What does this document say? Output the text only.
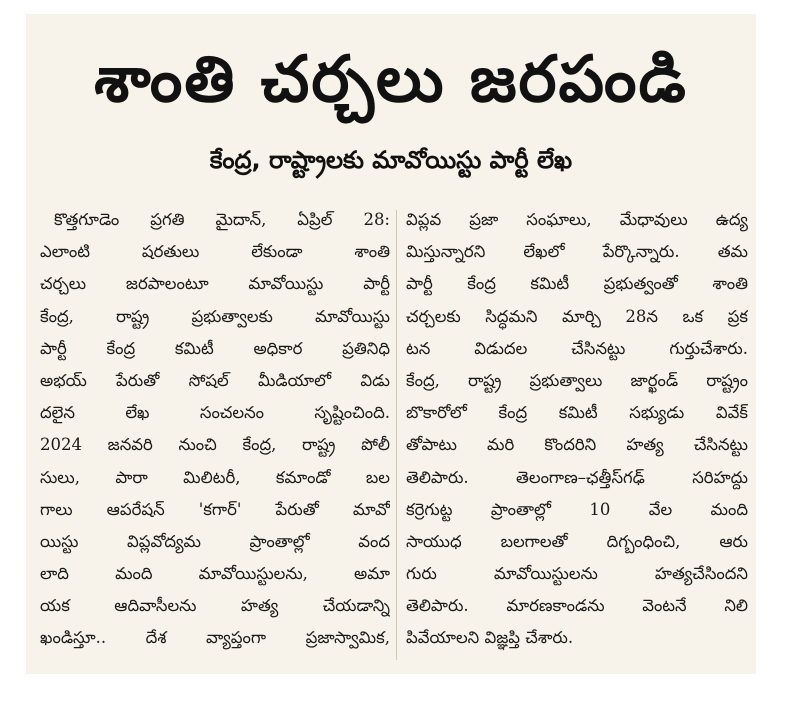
శాంతి చర్చలు జరపండి
కేంద్ర, రాష్ట్రాలకు మావోయిస్టు పార్టీ లేఖ
కొత్తగూడెం ప్రగతి మైదాన్, ఏప్రిల్ 28:
ఎలాంటి షరతులు లేకుండా శాంతి
చర్చలు జరపాలంటూ మావోయిస్టు పార్టీ
కేంద్ర, రాష్ట్ర ప్రభుత్వాలకు మావోయిస్టు
పార్టీ కేంద్ర కమిటీ అధికార ప్రతినిధి
అభయ్ పేరుతో సోషల్ మీడియాలో విడు
దలైన లేఖ సంచలనం సృష్టించింది.
2024 జనవరి నుంచి కేంద్ర, రాష్ట్ర పోలీ
సులు, పారా మిలిటరీ, కమాండో బల
గాలు ఆపరేషన్ 'కగార్' పేరుతో మావో
యిస్టు విప్లవోద్యమ ప్రాంతాల్లో వంద
లాది మంది మావోయిస్టులను, అమా
యక ఆదివాసీలను హత్య చేయడాన్ని
ఖండిస్తూ.. దేశ వ్యాప్తంగా ప్రజాస్వామిక,
విప్లవ ప్రజా సంఘాలు, మేధావులు ఉద్య
మిస్తున్నారని లేఖలో పేర్కొన్నారు. తమ
పార్టీ కేంద్ర కమిటీ ప్రభుత్వంతో శాంతి
చర్చలకు సిద్ధమని మార్చి 28న ఒక ప్రక
టన విడుదల చేసినట్టు గుర్తుచేశారు.
కేంద్ర, రాష్ట్ర ప్రభుత్వాలు జార్ఖండ్ రాష్ట్రం
బొకారోలో కేంద్ర కమిటీ సభ్యుడు వివేక్
తోపాటు మరి కొందరిని హత్య చేసినట్టు
తెలిపారు. తెలంగాణ–ఛత్తీస్‌గఢ్ సరిహద్దు
కర్రెగుట్ట ప్రాంతాల్లో 10 వేల మంది
సాయుధ బలగాలతో దిగ్బంధించి, ఆరు
గురు మావోయిస్టులను హత్యచేసిందని
తెలిపారు. మారణకాండను వెంటనే నిలి
పివేయాలని విజ్ఞప్తి చేశారు.
